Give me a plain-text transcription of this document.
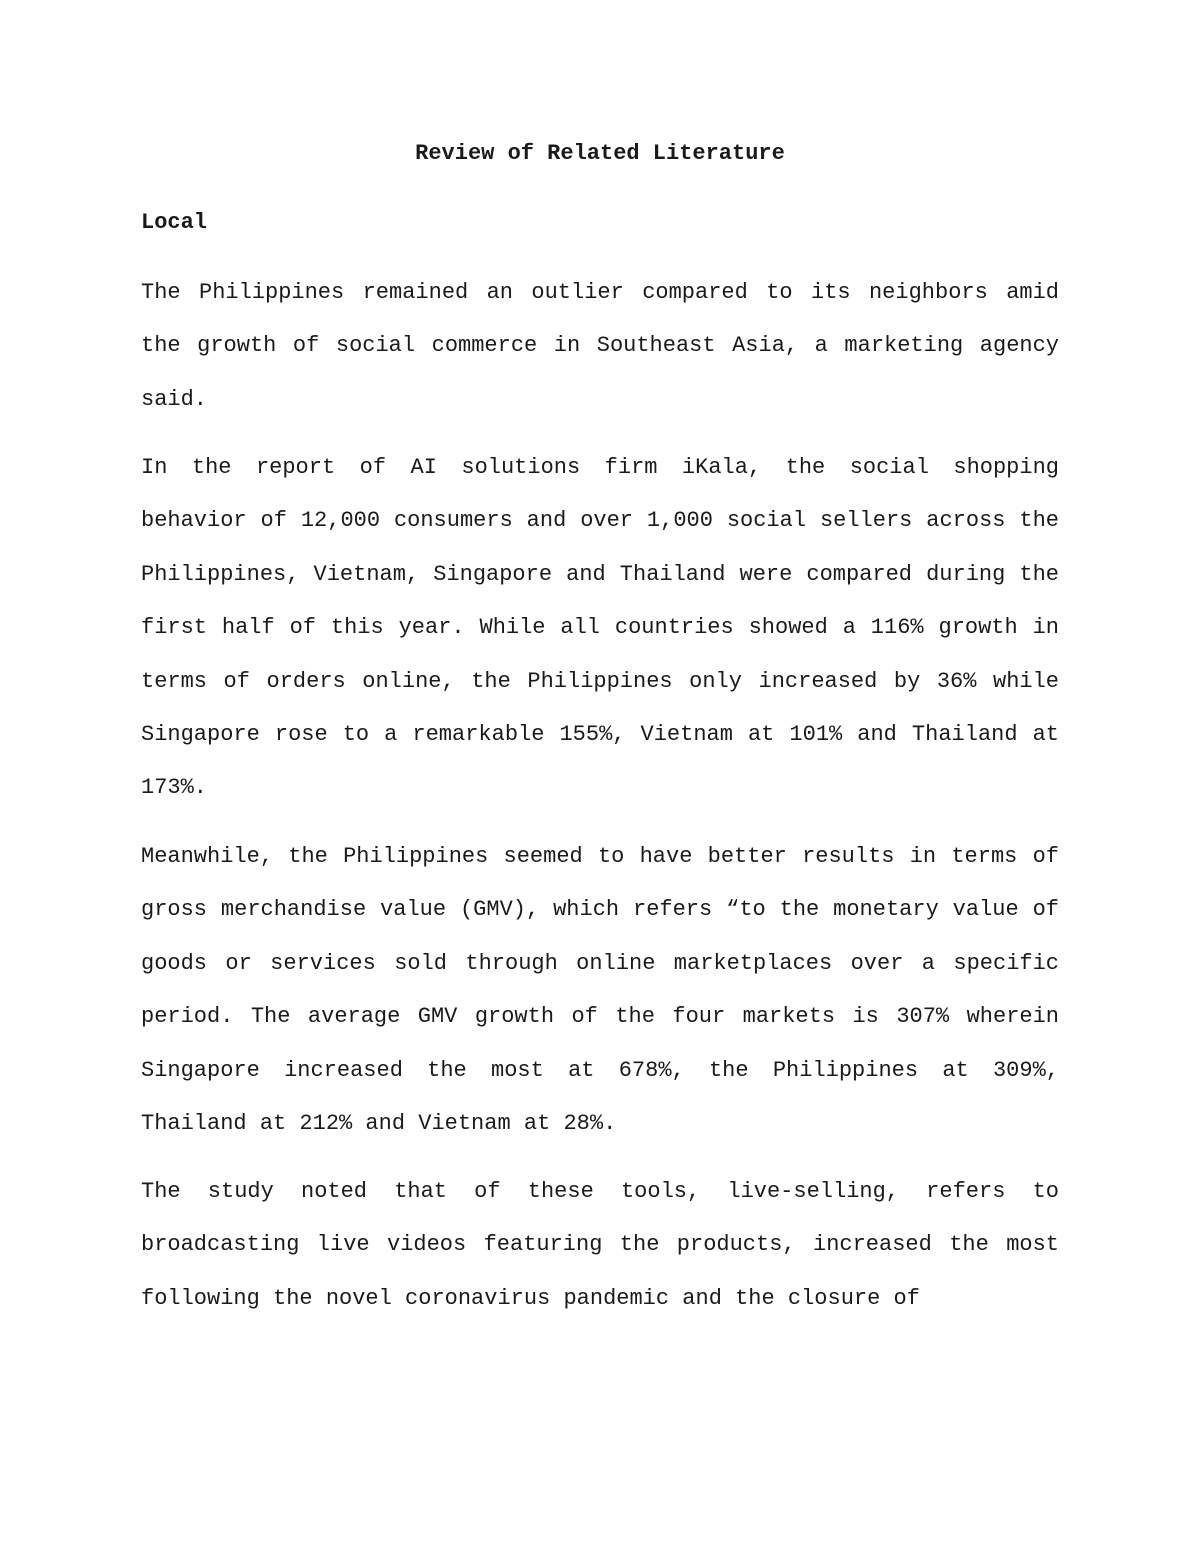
Review of Related Literature
Local

The Philippines remained an outlier compared to its neighbors amid the growth of social commerce in Southeast Asia, a marketing agency said.

In the report of AI solutions firm iKala, the social shopping behavior of 12,000 consumers and over 1,000 social sellers across the Philippines, Vietnam, Singapore and Thailand were compared during the first half of this year. While all countries showed a 116% growth in terms of orders online, the Philippines only increased by 36% while Singapore rose to a remarkable 155%, Vietnam at 101% and Thailand at 173%.

Meanwhile, the Philippines seemed to have better results in terms of gross merchandise value (GMV), which refers “to the monetary value of goods or services sold through online marketplaces over a specific period. The average GMV growth of the four markets is 307% wherein Singapore increased the most at 678%, the Philippines at 309%, Thailand at 212% and Vietnam at 28%.

The study noted that of these tools, live-selling, refers to broadcasting live videos featuring the products, increased the most following the novel coronavirus pandemic and the closure of
